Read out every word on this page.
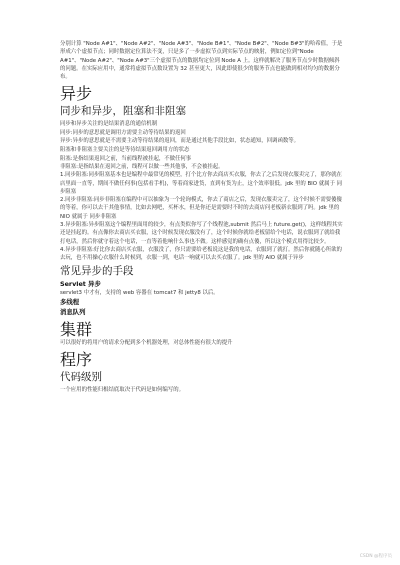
分别计算 "Node A#1"、"Node A#2"、"Node A#3"、"Node B#1"、"Node B#2"、"Node B#3"的哈希值，于是形成六个虚拟节点；同时数据定位算法不变，只是多了一步虚拟节点到实际节点的映射，例如定位到"Node A#1"、"Node A#2"、"Node A#3"三个虚拟节点的数据均定位到 Node A 上。这样就解决了服务节点少时数据倾斜的问题。在实际应用中，通常将虚拟节点数设置为 32 甚至更大，因此即使很少的服务节点也能做到相对均匀的数据分布。

异步
同步和异步，阻塞和非阻塞

同步和异步关注的是结果消息的通信机制

同步:同步的意思就是调用方需要主动等待结果的返回

异步:异步的意思就是不需要主动等待结果的返回，而是通过其他手段比如，状态通知，回调函数等。

阻塞和非阻塞主要关注的是等待结果返回调用方的状态

阻塞:是指结果返回之前，当前线程被挂起，不做任何事

非阻塞:是指结果在返回之前，线程可以做一些其他事，不会被挂起。

1.同步阻塞:同步阻塞基本也是编程中最常见的模型，打个比方你去商店买衣服，你去了之后发现衣服卖完了，那你就在店里面一直等，期间不做任何事(包括看手机)，等着商家进货，直到有货为止，这个效率很低。jdk 里的 BIO 就属于 同步阻塞

2.同步非阻塞:同步非阻塞在编程中可以抽象为一个轮询模式，你去了商店之后，发现衣服卖完了，这个时候不需要傻傻的等着，你可以去干其他事情，比如去网吧，买杯水，但是你还是需要时不时的去商店问老板新衣服到了吗。jdk 里的 NIO 就属于 同步非阻塞

3.异步阻塞:异步阻塞这个编程里面用的较少，有点类似你写了个线程池,submit 然后马上 future.get()，这样线程其实还是挂起的。有点像你去商店买衣服，这个时候发现衣服没有了，这个时候你就给老板留给个电话，说衣服到了就给我打电话，然后你就守着这个电话，一直等着他响什么事也不做。这样感觉的确有点傻，所以这个模式用得比较少。

4.异步非阻塞:好比你去商店买衣服，衣服没了，你只需要给老板说这是我的电话，衣服到了就打。然后你就随心所欲的去玩，也不用操心衣服什么时候到，衣服一到，电话一响就可以去买衣服了。jdk 里的 AIO 就属于异步

常见异步的手段
Servlet 异步

servlet3 中才有，支持的 web 容器在 tomcat7 和 jetty8 以后。

多线程
消息队列
集群

可以很好的将用户的请求分配到多个机器处理，对总体性能有很大的提升

程序
代码级别

一个应用的性能归根结底取决于代码是如何编写的。

CSDN @程序员
